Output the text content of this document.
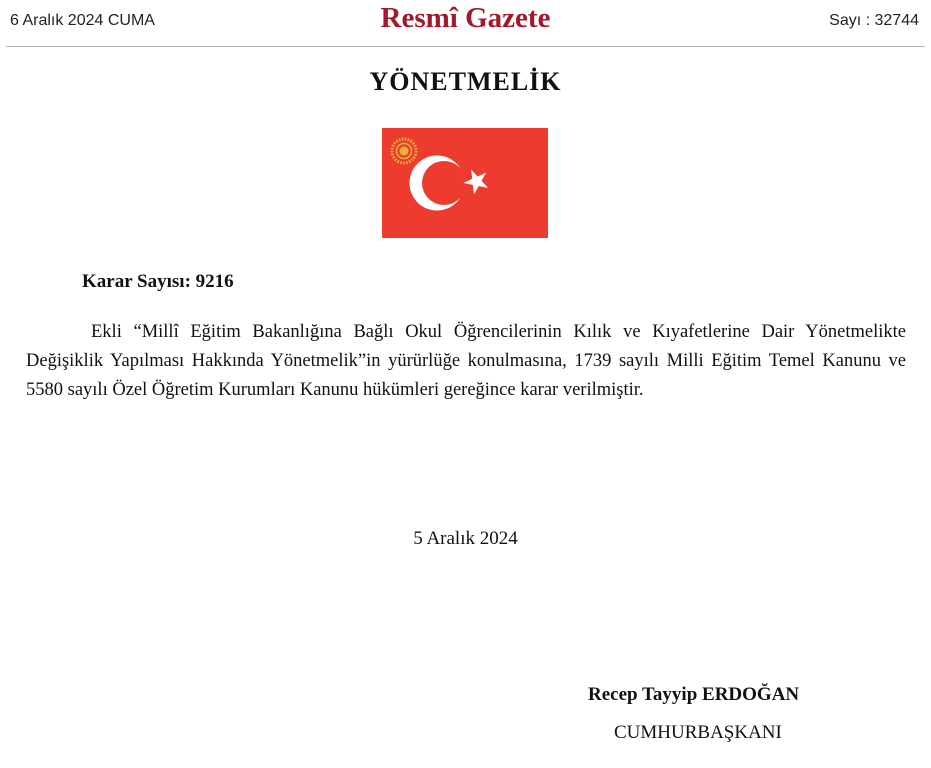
6 Aralık 2024 CUMA	Resmî Gazete	Sayı : 32744
YÖNETMELİK
Karar Sayısı: 9216

Ekli “Millî Eğitim Bakanlığına Bağlı Okul Öğrencilerinin Kılık ve Kıyafetlerine Dair Yönetmelikte Değişiklik Yapılması Hakkında Yönetmelik”in yürürlüğe konulmasına, 1739 sayılı Milli Eğitim Temel Kanunu ve 5580 sayılı Özel Öğretim Kurumları Kanunu hükümleri gereğince karar verilmiştir.

5 Aralık 2024
Recep Tayyip ERDOĞAN
CUMHURBAŞKANI
